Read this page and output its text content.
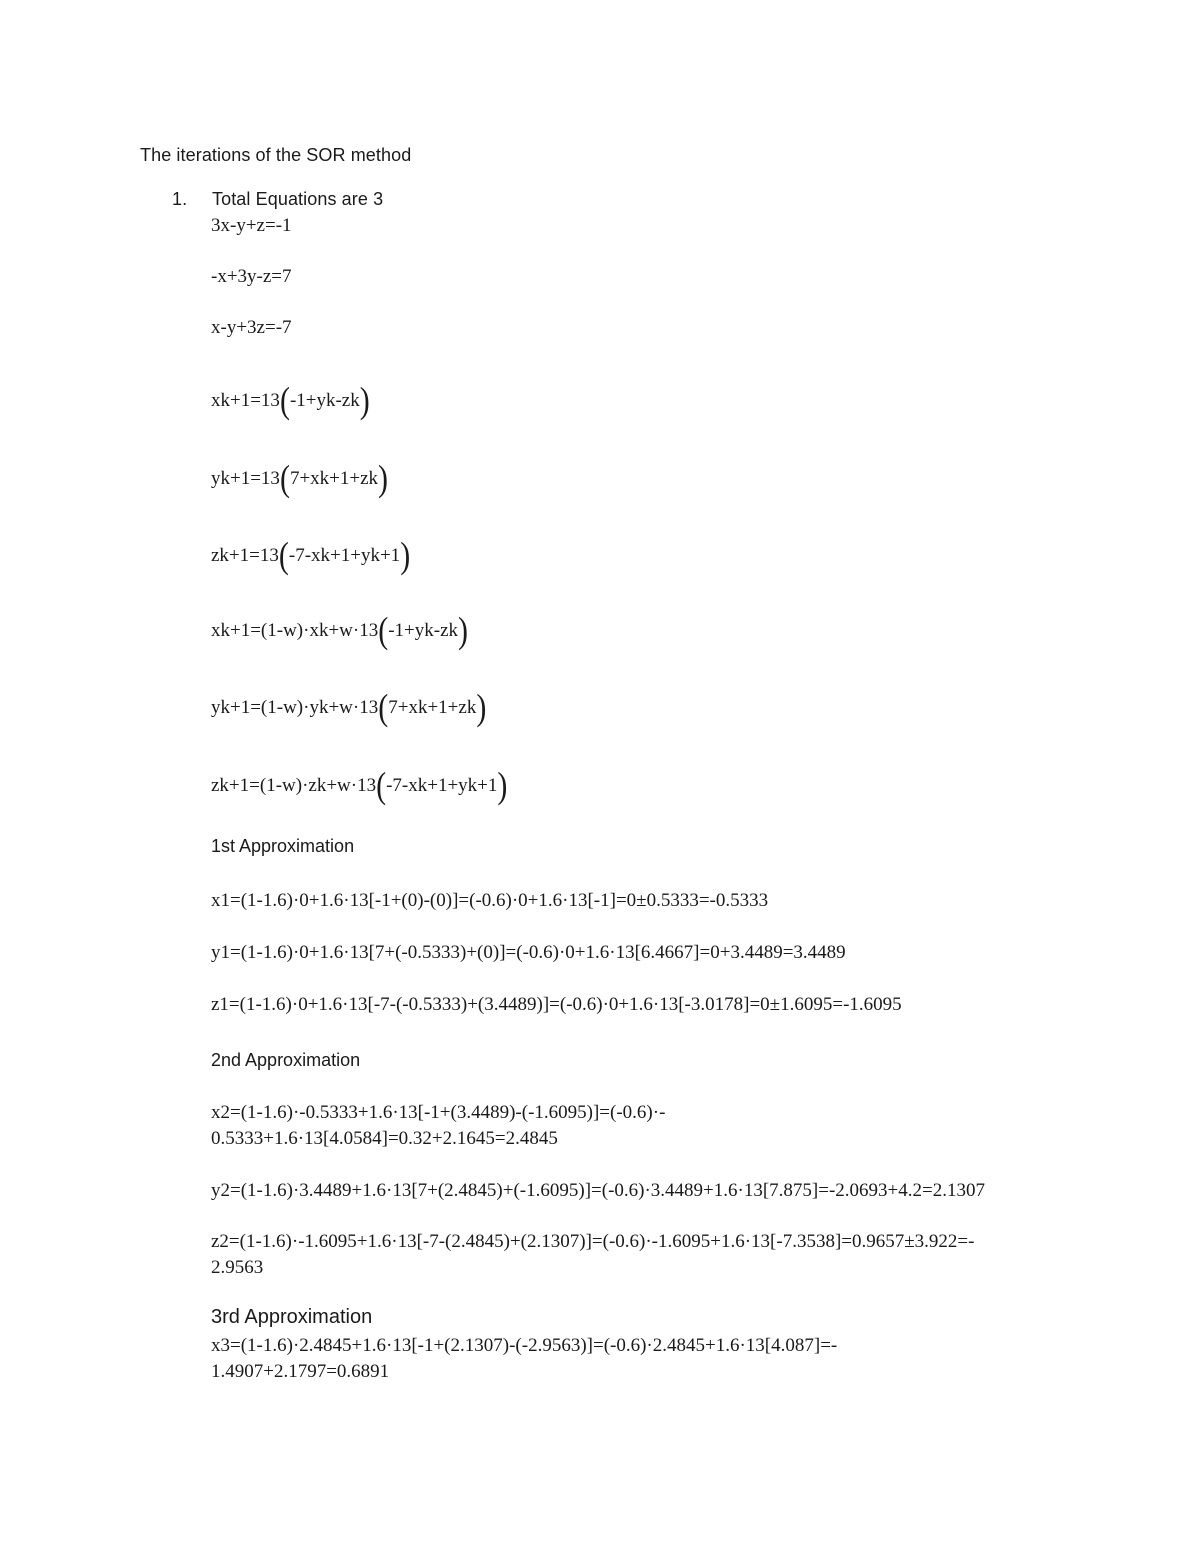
The iterations of the SOR method
1. Total Equations are 3
3x-y+z=-1
-x+3y-z=7
x-y+3z=-7
xk+1=13(-1+yk-zk)
yk+1=13(7+xk+1+zk)
zk+1=13(-7-xk+1+yk+1)
xk+1=(1-w)·xk+w·13(-1+yk-zk)
yk+1=(1-w)·yk+w·13(7+xk+1+zk)
zk+1=(1-w)·zk+w·13(-7-xk+1+yk+1)
1st Approximation
x1=(1-1.6)·0+1.6·13[-1+(0)-(0)]=(-0.6)·0+1.6·13[-1]=0±0.5333=-0.5333
y1=(1-1.6)·0+1.6·13[7+(-0.5333)+(0)]=(-0.6)·0+1.6·13[6.4667]=0+3.4489=3.4489
z1=(1-1.6)·0+1.6·13[-7-(-0.5333)+(3.4489)]=(-0.6)·0+1.6·13[-3.0178]=0±1.6095=-1.6095
2nd Approximation
x2=(1-1.6)·-0.5333+1.6·13[-1+(3.4489)-(-1.6095)]=(-0.6)·-
0.5333+1.6·13[4.0584]=0.32+2.1645=2.4845
y2=(1-1.6)·3.4489+1.6·13[7+(2.4845)+(-1.6095)]=(-0.6)·3.4489+1.6·13[7.875]=-2.0693+4.2=2.1307
z2=(1-1.6)·-1.6095+1.6·13[-7-(2.4845)+(2.1307)]=(-0.6)·-1.6095+1.6·13[-7.3538]=0.9657±3.922=-
2.9563
3rd Approximation
x3=(1-1.6)·2.4845+1.6·13[-1+(2.1307)-(-2.9563)]=(-0.6)·2.4845+1.6·13[4.087]=-
1.4907+2.1797=0.6891
